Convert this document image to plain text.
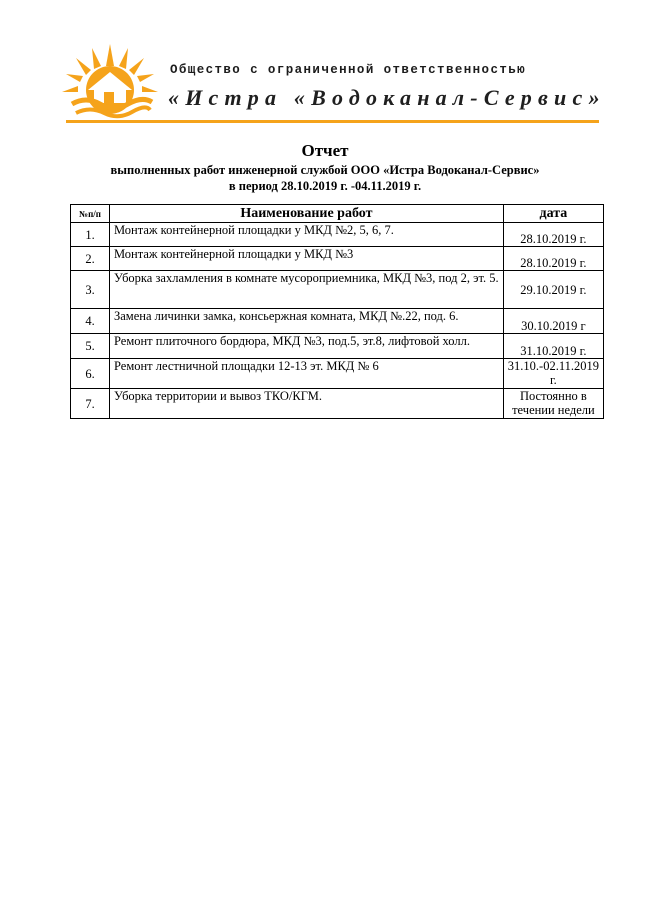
Общество с ограниченной ответственностью
«Истра «Водоканал-Сервис»
Отчет
выполненных работ инженерной службой ООО «Истра Водоканал-Сервис»
в период 28.10.2019 г. -04.11.2019 г.
№п/п	Наименование работ	дата
1.	Монтаж контейнерной площадки у МКД №2, 5, 6, 7.	28.10.2019 г.
2.	Монтаж контейнерной площадки у МКД №3	28.10.2019 г.
3.	Уборка захламления в комнате мусороприемника, МКД №3, под 2, эт. 5.	29.10.2019 г.
4.	Замена личинки замка, консьержная комната, МКД №.22, под. 6.	30.10.2019 г
5.	Ремонт плиточного бордюра, МКД №3, под.5, эт.8, лифтовой холл.	31.10.2019 г.
6.	Ремонт лестничной площадки 12-13 эт. МКД № 6	31.10.-02.11.2019 г.
7.	Уборка территории и вывоз ТКО/КГМ.	Постоянно в течении недели
